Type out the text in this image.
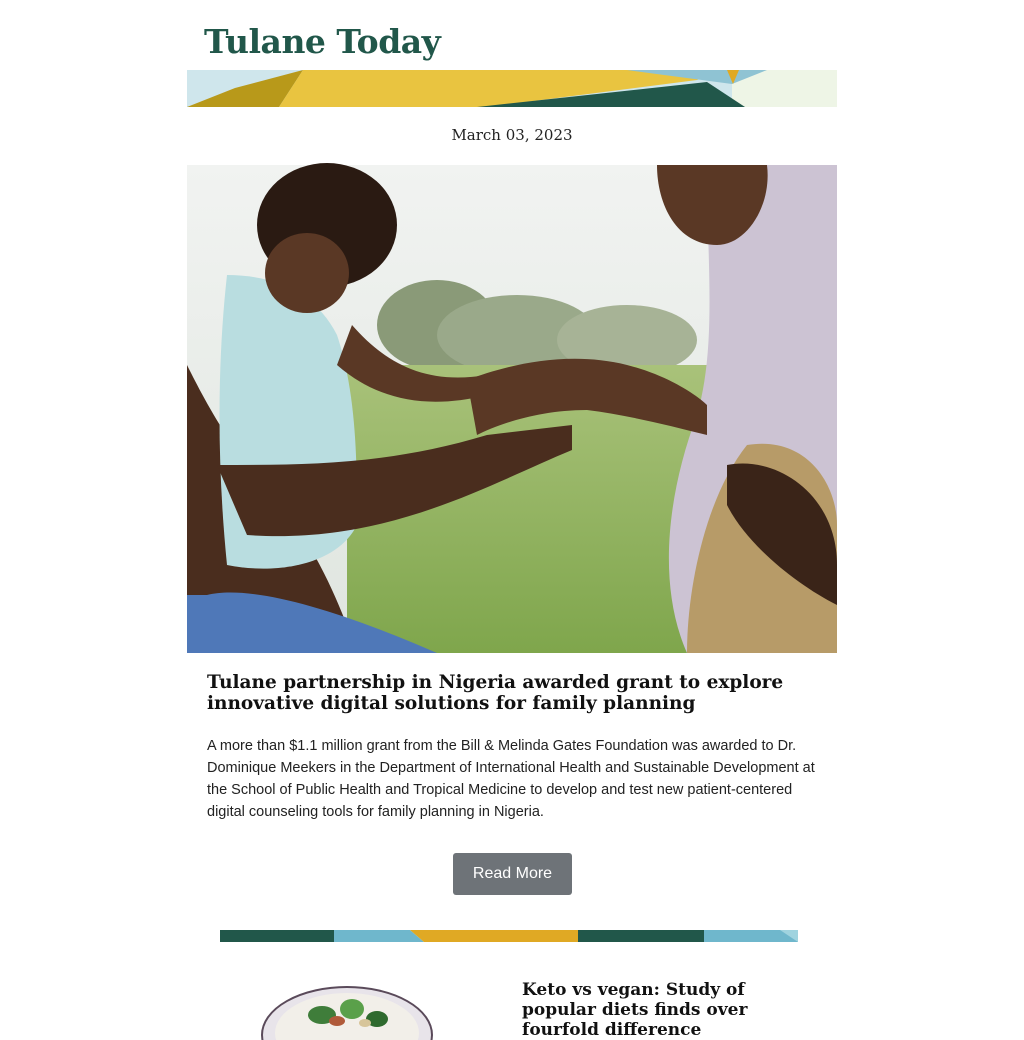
Tulane Today
March 03, 2023
Tulane partnership in Nigeria awarded grant to explore innovative digital solutions for family planning

A more than $1.1 million grant from the Bill & Melinda Gates Foundation was awarded to Dr. Dominique Meekers in the Department of International Health and Sustainable Development at the School of Public Health and Tropical Medicine to develop and test new patient-centered digital counseling tools for family planning in Nigeria.

Read More
Keto vs vegan: Study of popular diets finds over fourfold difference
